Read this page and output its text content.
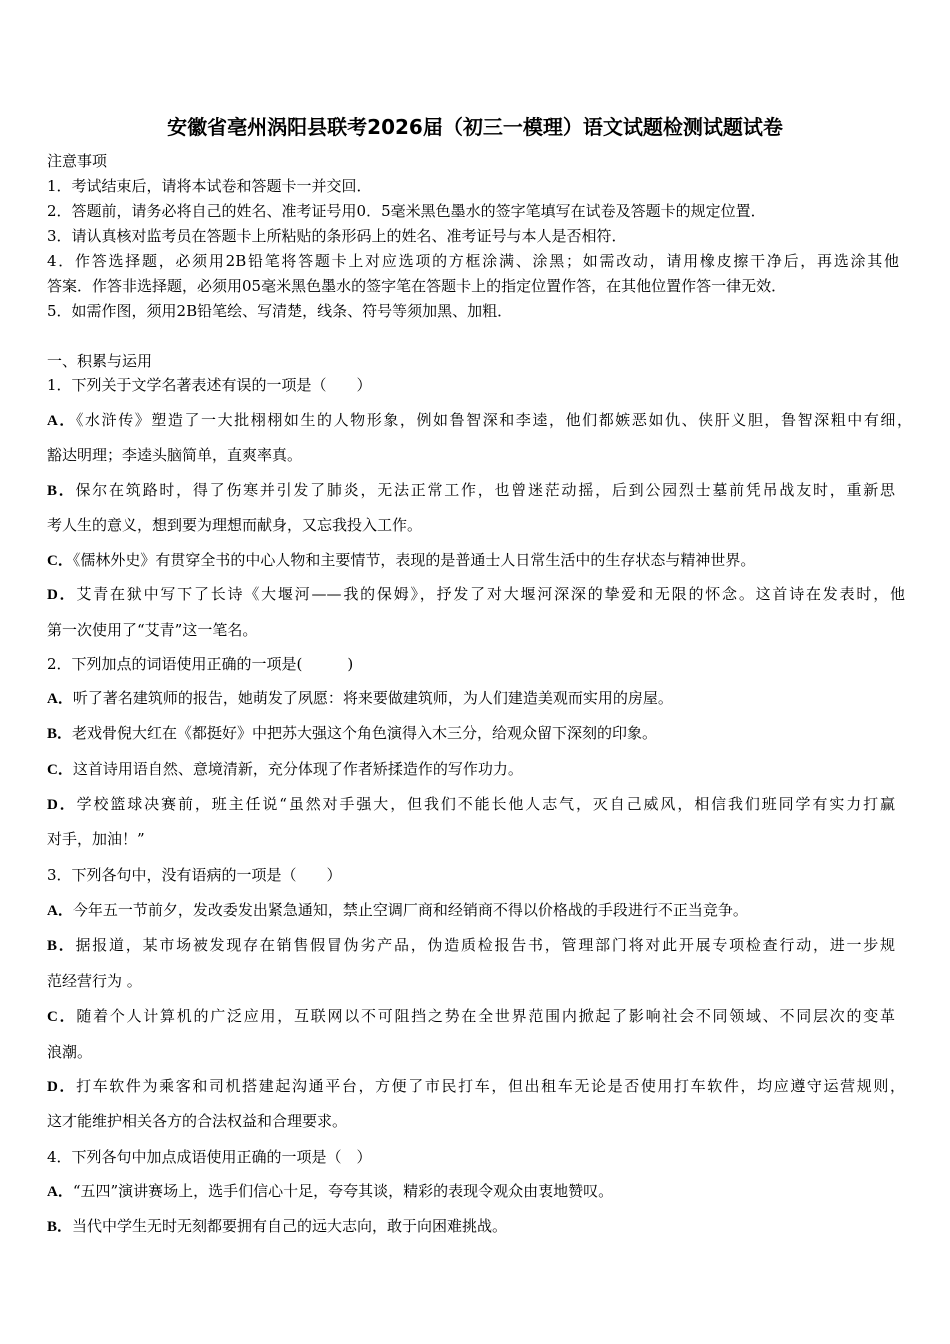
安徽省亳州涡阳县联考2026届（初三一模理）语文试题检测试题试卷
注意事项
1．考试结束后，请将本试卷和答题卡一并交回．
2．答题前，请务必将自己的姓名、准考证号用0．5毫米黑色墨水的签字笔填写在试卷及答题卡的规定位置．
3．请认真核对监考员在答题卡上所粘贴的条形码上的姓名、准考证号与本人是否相符．
4．作答选择题，必须用2B铅笔将答题卡上对应选项的方框涂满、涂黑；如需改动，请用橡皮擦干净后，再选涂其他
答案．作答非选择题，必须用05毫米黑色墨水的签字笔在答题卡上的指定位置作答，在其他位置作答一律无效．
5．如需作图，须用2B铅笔绘、写清楚，线条、符号等须加黑、加粗．
一、积累与运用
1．下列关于文学名著表述有误的一项是（　　）
A．《水浒传》塑造了一大批栩栩如生的人物形象，例如鲁智深和李逵，他们都嫉恶如仇、侠肝义胆，鲁智深粗中有细，
豁达明理；李逵头脑简单，直爽率真。
B．保尔在筑路时，得了伤寒并引发了肺炎，无法正常工作，也曾迷茫动摇，后到公园烈士墓前凭吊战友时，重新思
考人生的意义，想到要为理想而献身，又忘我投入工作。
C．《儒林外史》有贯穿全书的中心人物和主要情节，表现的是普通士人日常生活中的生存状态与精神世界。
D．艾青在狱中写下了长诗《大堰河——我的保姆》，抒发了对大堰河深深的挚爱和无限的怀念。这首诗在发表时，他
第一次使用了“艾青”这一笔名。
2．下列加点的词语使用正确的一项是(　　　)
A．听了著名建筑师的报告，她萌发了夙愿：将来要做建筑师，为人们建造美观而实用的房屋。
B．老戏骨倪大红在《都挺好》中把苏大强这个角色演得入木三分，给观众留下深刻的印象。
C．这首诗用语自然、意境清新，充分体现了作者矫揉造作的写作功力。
D．学校篮球决赛前，班主任说“虽然对手强大，但我们不能长他人志气，灭自己威风，相信我们班同学有实力打赢
对手，加油！”
3．下列各句中，没有语病的一项是（　　）
A．今年五一节前夕，发改委发出紧急通知，禁止空调厂商和经销商不得以价格战的手段进行不正当竞争。
B．据报道，某市场被发现存在销售假冒伪劣产品，伪造质检报告书，管理部门将对此开展专项检查行动，进一步规
范经营行为 。
C．随着个人计算机的广泛应用，互联网以不可阻挡之势在全世界范围内掀起了影响社会不同领域、不同层次的变革
浪潮。
D．打车软件为乘客和司机搭建起沟通平台，方便了市民打车，但出租车无论是否使用打车软件，均应遵守运营规则，
这才能维护相关各方的合法权益和合理要求。
4．下列各句中加点成语使用正确的一项是（　）
A．“五四”演讲赛场上，选手们信心十足，夸夸其谈，精彩的表现令观众由衷地赞叹。
B．当代中学生无时无刻都要拥有自己的远大志向，敢于向困难挑战。
